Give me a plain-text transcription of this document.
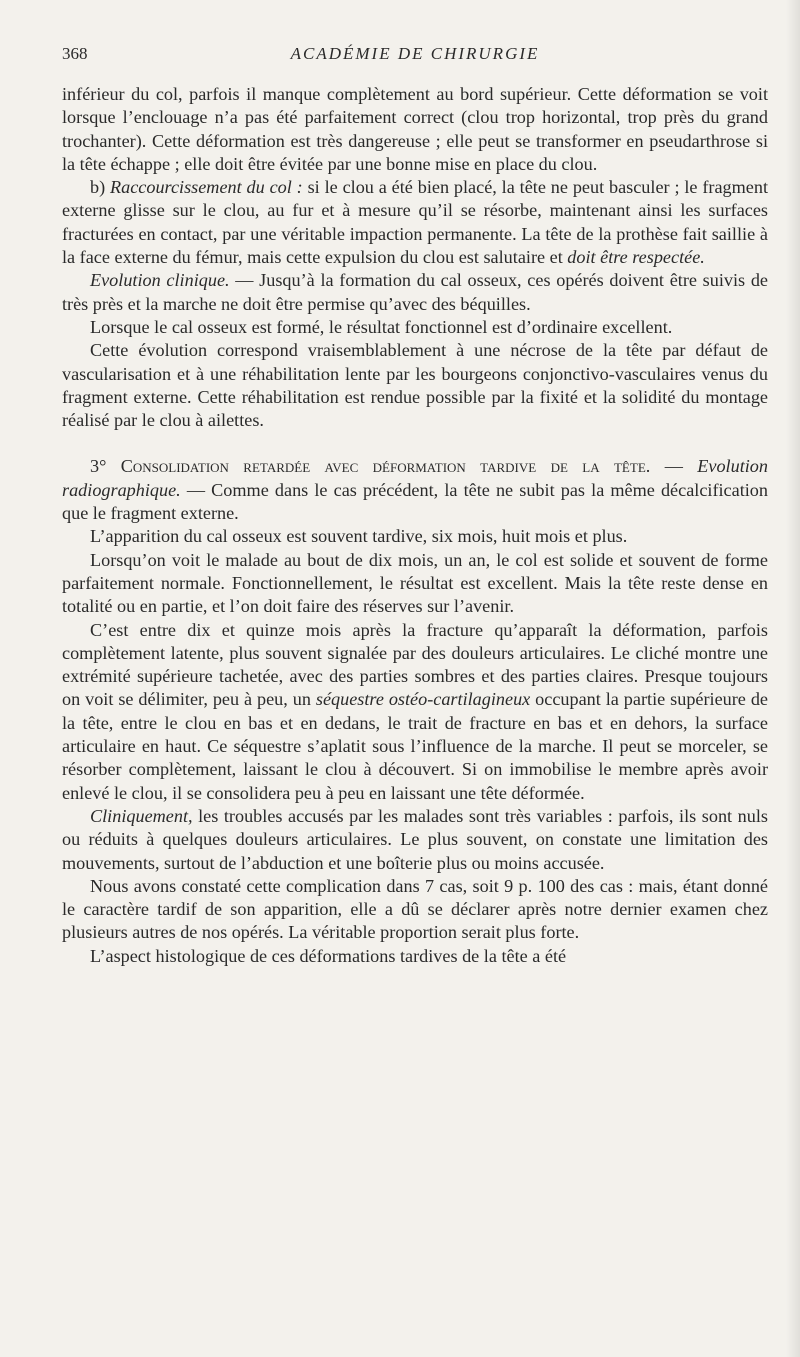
368	ACADÉMIE DE CHIRURGIE

inférieur du col, parfois il manque complètement au bord supérieur. Cette déformation se voit lorsque l’enclouage n’a pas été parfaitement correct (clou trop horizontal, trop près du grand trochanter). Cette déformation est très dangereuse ; elle peut se transformer en pseudarthrose si la tête échappe ; elle doit être évitée par une bonne mise en place du clou.

b) Raccourcissement du col : si le clou a été bien placé, la tête ne peut basculer ; le fragment externe glisse sur le clou, au fur et à mesure qu’il se résorbe, maintenant ainsi les surfaces fracturées en contact, par une véritable impaction permanente. La tête de la prothèse fait saillie à la face externe du fémur, mais cette expulsion du clou est salutaire et doit être respectée.

Evolution clinique. — Jusqu’à la formation du cal osseux, ces opérés doivent être suivis de très près et la marche ne doit être permise qu’avec des béquilles.

Lorsque le cal osseux est formé, le résultat fonctionnel est d’ordinaire excellent.

Cette évolution correspond vraisemblablement à une nécrose de la tête par défaut de vascularisation et à une réhabilitation lente par les bourgeons conjonctivo-vasculaires venus du fragment externe. Cette réhabilitation est rendue possible par la fixité et la solidité du montage réalisé par le clou à ailettes.

3° Consolidation retardée avec déformation tardive de la tête. — Evolution radiographique. — Comme dans le cas précédent, la tête ne subit pas la même décalcification que le fragment externe.

L’apparition du cal osseux est souvent tardive, six mois, huit mois et plus.

Lorsqu’on voit le malade au bout de dix mois, un an, le col est solide et souvent de forme parfaitement normale. Fonctionnellement, le résultat est excellent. Mais la tête reste dense en totalité ou en partie, et l’on doit faire des réserves sur l’avenir.

C’est entre dix et quinze mois après la fracture qu’apparaît la déformation, parfois complètement latente, plus souvent signalée par des douleurs articulaires. Le cliché montre une extrémité supérieure tachetée, avec des parties sombres et des parties claires. Presque toujours on voit se délimiter, peu à peu, un séquestre ostéo-cartilagineux occupant la partie supérieure de la tête, entre le clou en bas et en dedans, le trait de fracture en bas et en dehors, la surface articulaire en haut. Ce séquestre s’aplatit sous l’influence de la marche. Il peut se morceler, se résorber complètement, laissant le clou à découvert. Si on immobilise le membre après avoir enlevé le clou, il se consolidera peu à peu en laissant une tête déformée.

Cliniquement, les troubles accusés par les malades sont très variables : parfois, ils sont nuls ou réduits à quelques douleurs articulaires. Le plus souvent, on constate une limitation des mouvements, surtout de l’abduction et une boîterie plus ou moins accusée.

Nous avons constaté cette complication dans 7 cas, soit 9 p. 100 des cas : mais, étant donné le caractère tardif de son apparition, elle a dû se déclarer après notre dernier examen chez plusieurs autres de nos opérés. La véritable proportion serait plus forte.

L’aspect histologique de ces déformations tardives de la tête a été
